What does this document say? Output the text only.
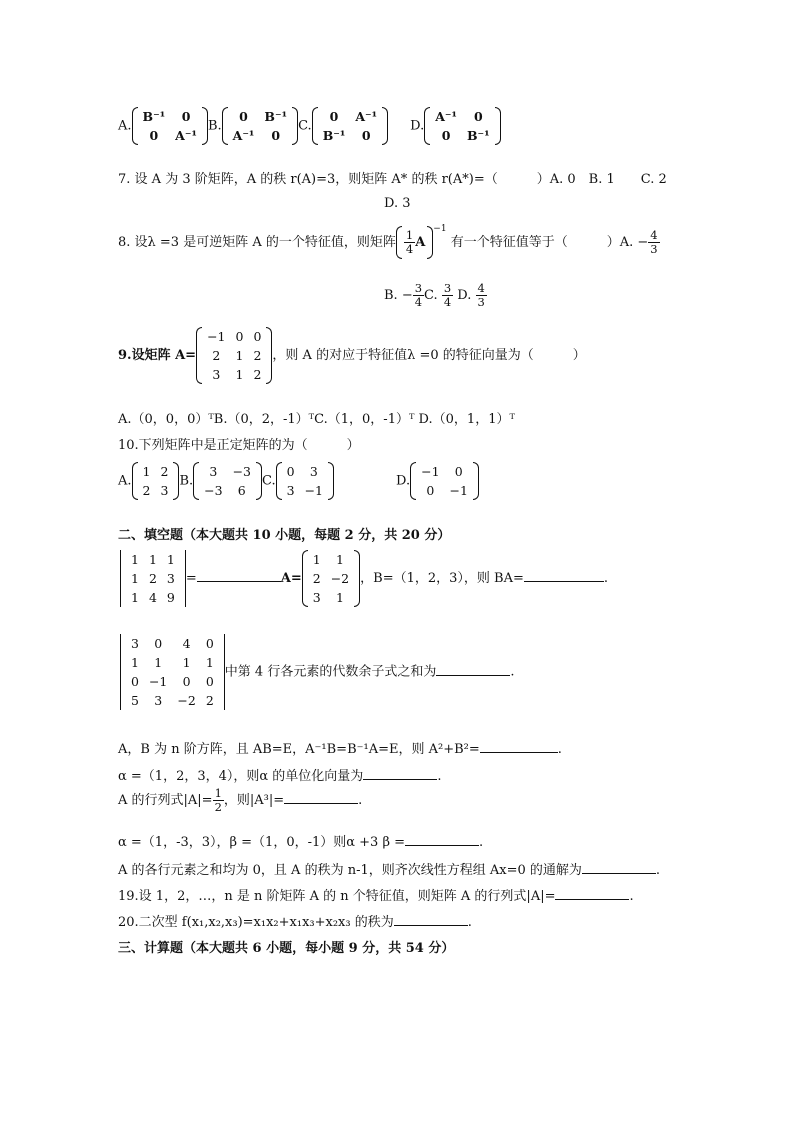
A.
B⁻¹	0
0	A⁻¹
B.
0	B⁻¹
A⁻¹	0
C.
0	A⁻¹
B⁻¹	0
D.
A⁻¹	0
0	B⁻¹
7. 设 A 为 3 阶矩阵，A 的秩 r(A)=3，则矩阵 A* 的秩 r(A*)=（　　　）A. 0　B. 1　　C. 2
D. 3
8. 设λ =3 是可逆矩阵 A 的一个特征值，则矩阵 $\frac{1}{4} A^{-1}$ 有一个特征值等于（　　　）A. − $\frac{4}{3}$
B. − $\frac{3}{4} C$. $\frac{3}{4} D$. $\frac{4}{3}$
9.设矩阵 A=
−1	0	0
2	1	2
3	1	2
，则 A 的对应于特征值λ =0 的特征向量为（　　　）
A.（0，0，0）ᵀB.（0，2，-1）ᵀC.（1，0，-1）ᵀ D.（0，1，1）ᵀ
10.下列矩阵中是正定矩阵的为（　　　）
A.
1	2
2	3
B.
3	−3
−3	6
C.
0	3
3	−1
D.
−1	0
0	−1
二、填空题（本大题共 10 小题，每题 2 分，共 20 分）
1	1	1
1	2	3
1	4	9
=	A=
1	1
2	−2
3	1
，B=（1，2，3），则 BA=	.
3	0	4	0
1	1	1	1
0	−1	0	0
5	3	−2	2
中第 4 行各元素的代数余子式之和为	.
A，B 为 n 阶方阵，且 AB=E，A⁻¹B=B⁻¹A=E，则 A²+B²=	.
α =（1，2，3，4），则α 的单位化向量为	.
A 的行列式$|A|= \frac{1}{2}$ ，则|A³|=	.
α =（1，-3，3），β =（1，0，-1）则α +3 β =	.
A 的各行元素之和均为 0，且 A 的秩为 n-1，则齐次线性方程组 Ax=0 的通解为	.
19.设 1，2，…，n 是 n 阶矩阵 A 的 n 个特征值，则矩阵 A 的行列式|A|=	.
20.二次型 f(x₁,x₂,x₃)=x₁x₂+x₁x₃+x₂x₃ 的秩为	.
三、计算题（本大题共 6 小题，每小题 9 分，共 54 分）
